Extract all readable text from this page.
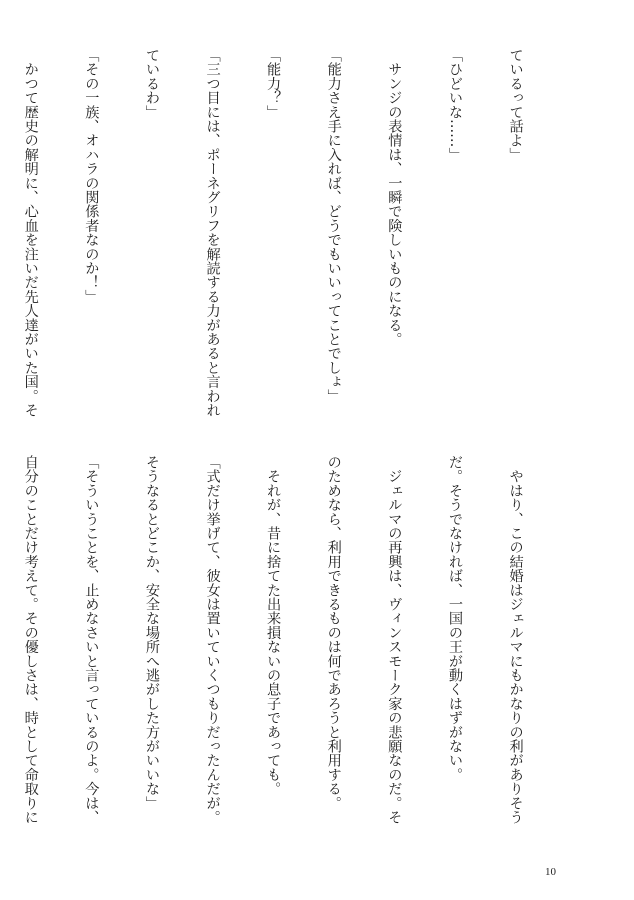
ているって話よ」

「ひどいな……」

　サンジの表情は、一瞬で険しいものになる。

「能力さえ手に入れば、どうでもいいってことでしょ」

「能力？」

「三つ目には、ポーネグリフを解読する力があると言われ

ているわ」

「その一族、オハラの関係者なのか！」

　かつて歴史の解明に、心血を注いだ先人達がいた国。そ

　やはり、この結婚はジェルマにもかなりの利がありそう

だ。そうでなければ、一国の王が動くはずがない。

　ジェルマの再興は、ヴィンスモーク家の悲願なのだ。そ

のためなら、利用できるものは何であろうと利用する。

　それが、昔に捨てた出来損ないの息子であっても。

「式だけ挙げて、彼女は置いていくつもりだったんだが。

そうなるとどこか、安全な場所へ逃がした方がいいな」

「そういうことを、止めなさいと言っているのよ。今は、

自分のことだけ考えて。その優しさは、時として命取りに

10
